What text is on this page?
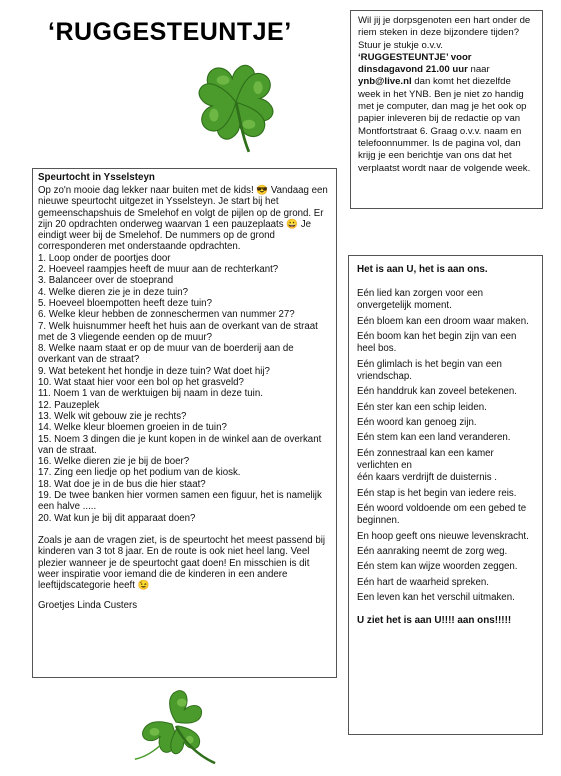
‘RUGGESTEUNTJE’	Wil jij je dorpsgenoten een hart onder de riem steken in deze bijzondere tijden? Stuur je stukje o.v.v. ‘RUGGESTEUNTJE’ voor dinsdagavond 21.00 uur naar ynb@live.nl dan komt het diezelfde week in het YNB. Ben je niet zo handig met je computer, dan mag je het ook op papier inleveren bij de redactie op van Montfortstraat 6. Graag o.v.v. naam en telefoonnummer. Is de pagina vol, dan krijg je een berichtje van ons dat het verplaatst wordt naar de volgende week.

Speurtocht in Ysselsteyn

Op zo'n mooie dag lekker naar buiten met de kids! 😎 Vandaag een nieuwe speurtocht uitgezet in Ysselsteyn. Je start bij het gemeenschapshuis de Smelehof en volgt de pijlen op de grond. Er zijn 20 opdrachten onderweg waarvan 1 een pauzeplaats 😀 Je eindigt weer bij de Smelehof. De nummers op de grond corresponderen met onderstaande opdrachten.

1. Loop onder de poortjes door
2. Hoeveel raampjes heeft de muur aan de rechterkant?
3. Balanceer over de stoeprand
4. Welke dieren zie je in deze tuin?
5. Hoeveel bloempotten heeft deze tuin?
6. Welke kleur hebben de zonneschermen van nummer 27?
7. Welk huisnummer heeft het huis aan de overkant van de straat met de 3 vliegende eenden op de muur?
8. Welke naam staat er op de muur van de boerderij aan de overkant van de straat?
9. Wat betekent het hondje in deze tuin? Wat doet hij?
10. Wat staat hier voor een bol op het grasveld?
11. Noem 1 van de werktuigen bij naam in deze tuin.
12. Pauzeplek
13. Welk wit gebouw zie je rechts?
14. Welke kleur bloemen groeien in de tuin?
15. Noem 3 dingen die je kunt kopen in de winkel aan de overkant van de straat.
16. Welke dieren zie je bij de boer?
17. Zing een liedje op het podium van de kiosk.
18. Wat doe je in de bus die hier staat?
19. De twee banken hier vormen samen een figuur, het is namelijk een halve .....
20. Wat kun je bij dit apparaat doen?

Zoals je aan de vragen ziet, is de speurtocht het meest passend bij kinderen van 3 tot 8 jaar. En de route is ook niet heel lang. Veel plezier wanneer je de speurtocht gaat doen! En misschien is dit weer inspiratie voor iemand die de kinderen in een andere leeftijdscategorie heeft 😉

Groetjes Linda Custers

Het is aan U, het is aan ons.

Eén lied kan zorgen voor een onvergetelijk moment.

Eén bloem kan een droom waar maken.

Eén boom kan het begin zijn van een heel bos.

Eén glimlach is het begin van een vriendschap.

Eén handdruk kan zoveel betekenen.

Eén ster kan een schip leiden.

Eén woord kan genoeg zijn.

Eén stem kan een land veranderen.

Eén zonnestraal kan een kamer verlichten en

één kaars verdrijft de duisternis .

Eén stap is het begin van iedere reis.

Eén woord voldoende om een gebed te beginnen.

En hoop geeft ons nieuwe levenskracht.

Eén aanraking neemt de zorg weg.

Eén stem kan wijze woorden zeggen.

Eén hart de waarheid spreken.

Een leven kan het verschil uitmaken.

U ziet het is aan U!!!! aan ons!!!!!
